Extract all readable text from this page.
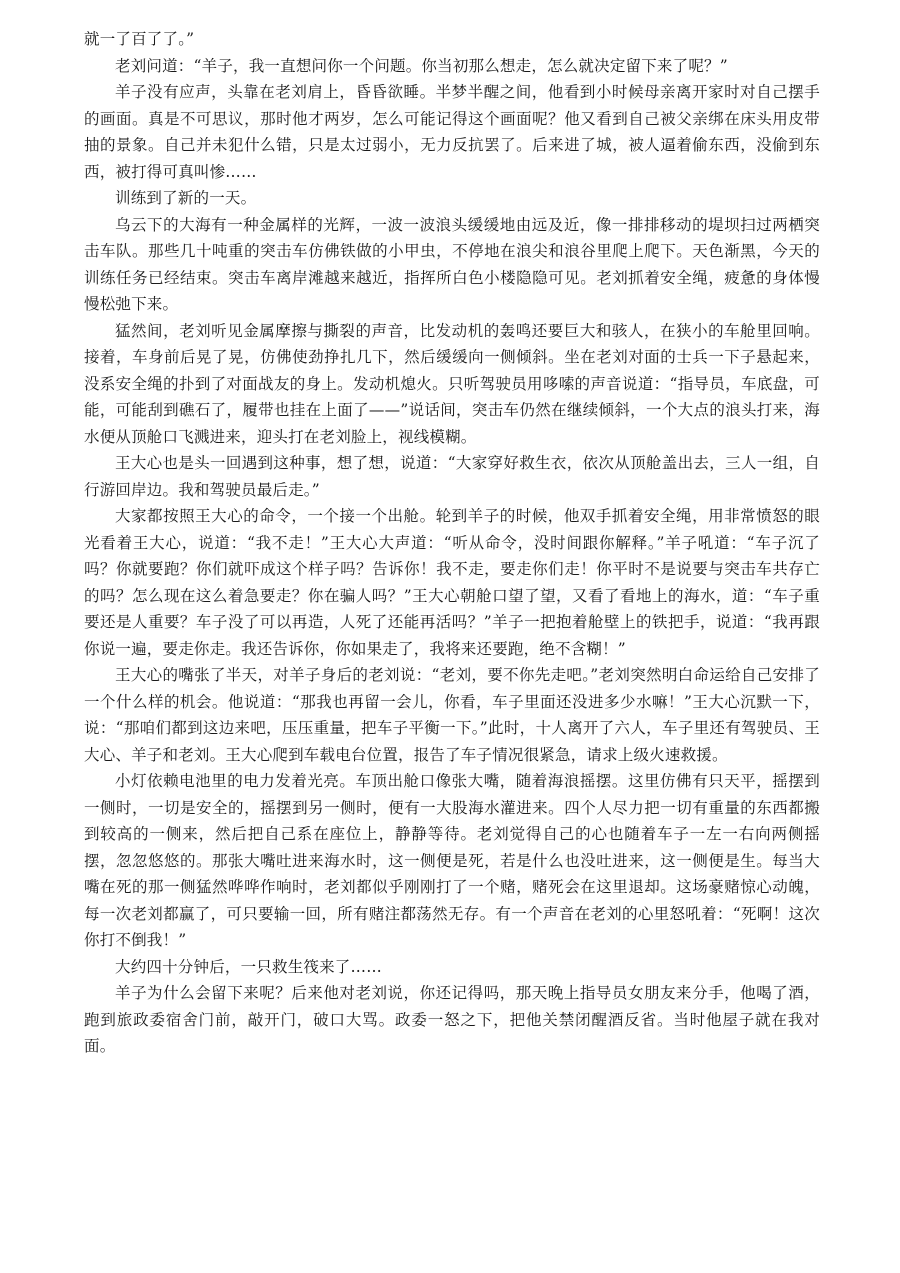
就一了百了了。”

老刘问道：“羊子，我一直想问你一个问题。你当初那么想走，怎么就决定留下来了呢？”

羊子没有应声，头靠在老刘肩上，昏昏欲睡。半梦半醒之间，他看到小时候母亲离开家时对自己摆手的画面。真是不可思议，那时他才两岁，怎么可能记得这个画面呢？他又看到自己被父亲绑在床头用皮带抽的景象。自己并未犯什么错，只是太过弱小，无力反抗罢了。后来进了城，被人逼着偷东西，没偷到东西，被打得可真叫惨……

训练到了新的一天。

乌云下的大海有一种金属样的光辉，一波一波浪头缓缓地由远及近，像一排排移动的堤坝扫过两栖突击车队。那些几十吨重的突击车仿佛铁做的小甲虫，不停地在浪尖和浪谷里爬上爬下。天色渐黑，今天的训练任务已经结束。突击车离岸滩越来越近，指挥所白色小楼隐隐可见。老刘抓着安全绳，疲惫的身体慢慢松弛下来。

猛然间，老刘听见金属摩擦与撕裂的声音，比发动机的轰鸣还要巨大和骇人，在狭小的车舱里回响。接着，车身前后晃了晃，仿佛使劲挣扎几下，然后缓缓向一侧倾斜。坐在老刘对面的士兵一下子悬起来，没系安全绳的扑到了对面战友的身上。发动机熄火。只听驾驶员用哆嗦的声音说道：“指导员，车底盘，可能，可能刮到礁石了，履带也挂在上面了——”说话间，突击车仍然在继续倾斜，一个大点的浪头打来，海水便从顶舱口飞溅进来，迎头打在老刘脸上，视线模糊。

王大心也是头一回遇到这种事，想了想，说道：“大家穿好救生衣，依次从顶舱盖出去，三人一组，自行游回岸边。我和驾驶员最后走。”

大家都按照王大心的命令，一个接一个出舱。轮到羊子的时候，他双手抓着安全绳，用非常愤怒的眼光看着王大心，说道：“我不走！”王大心大声道：“听从命令，没时间跟你解释。”羊子吼道：“车子沉了吗？你就要跑？你们就吓成这个样子吗？告诉你！我不走，要走你们走！你平时不是说要与突击车共存亡的吗？怎么现在这么着急要走？你在骗人吗？”王大心朝舱口望了望，又看了看地上的海水，道：“车子重要还是人重要？车子没了可以再造，人死了还能再活吗？”羊子一把抱着舱壁上的铁把手，说道：“我再跟你说一遍，要走你走。我还告诉你，你如果走了，我将来还要跑，绝不含糊！”

王大心的嘴张了半天，对羊子身后的老刘说：“老刘，要不你先走吧。”老刘突然明白命运给自己安排了一个什么样的机会。他说道：“那我也再留一会儿，你看，车子里面还没进多少水嘛！”王大心沉默一下，说：“那咱们都到这边来吧，压压重量，把车子平衡一下。”此时，十人离开了六人，车子里还有驾驶员、王大心、羊子和老刘。王大心爬到车载电台位置，报告了车子情况很紧急，请求上级火速救援。

小灯依赖电池里的电力发着光亮。车顶出舱口像张大嘴，随着海浪摇摆。这里仿佛有只天平，摇摆到一侧时，一切是安全的，摇摆到另一侧时，便有一大股海水灌进来。四个人尽力把一切有重量的东西都搬到较高的一侧来，然后把自己系在座位上，静静等待。老刘觉得自己的心也随着车子一左一右向两侧摇摆，忽忽悠悠的。那张大嘴吐进来海水时，这一侧便是死，若是什么也没吐进来，这一侧便是生。每当大嘴在死的那一侧猛然哗哗作响时，老刘都似乎刚刚打了一个赌，赌死会在这里退却。这场豪赌惊心动魄，每一次老刘都赢了，可只要输一回，所有赌注都荡然无存。有一个声音在老刘的心里怒吼着：“死啊！这次你打不倒我！”

大约四十分钟后，一只救生筏来了……

羊子为什么会留下来呢？后来他对老刘说，你还记得吗，那天晚上指导员女朋友来分手，他喝了酒，跑到旅政委宿舍门前，敲开门，破口大骂。政委一怒之下，把他关禁闭醒酒反省。当时他屋子就在我对面。
